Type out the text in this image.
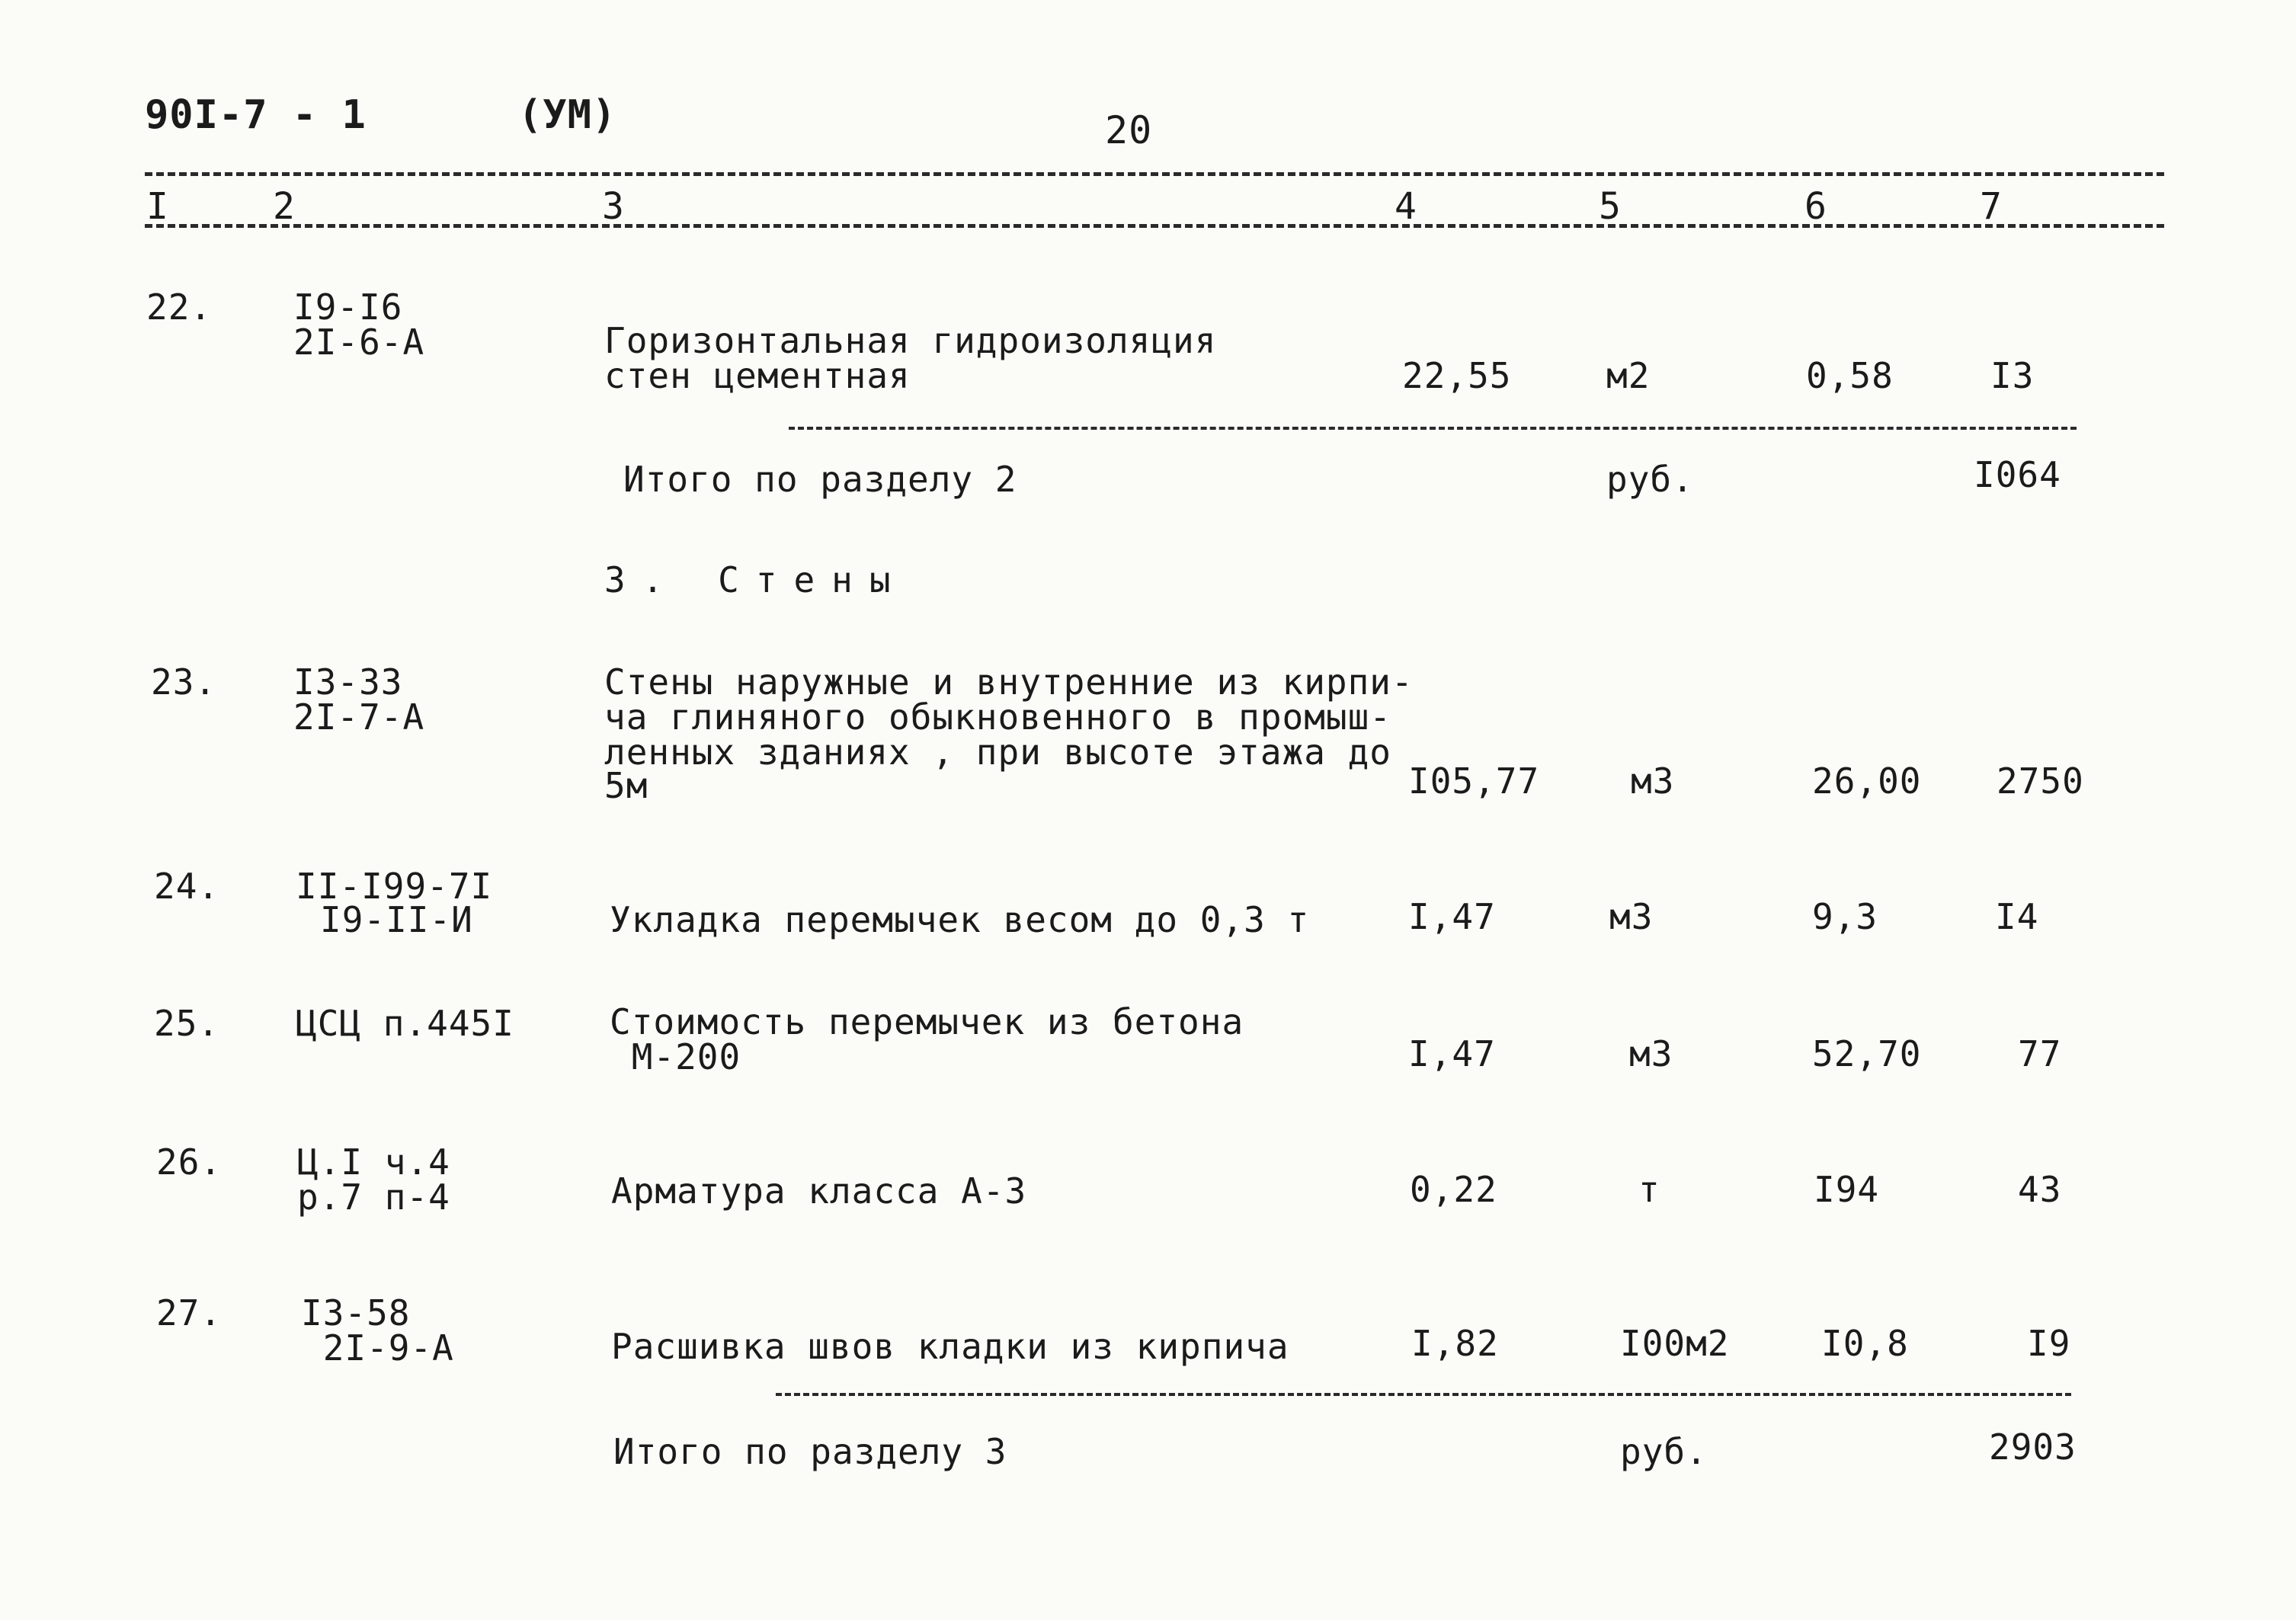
90I-7 - 1	(УМ)	20
I	2	3	4	5	6	7
22. I9-I6
2I-6-А	Горизонтальная гидроизоляция
стен цементная	22,55	м2	0,58	I3
Итого по разделу 2	руб.	I064
3. Стены
23. I3-33
2I-7-А
Стены наружные и внутренние из кирпи-
ча глиняного обыкновенного в промыш-
ленных зданиях , при высоте этажа до
5м	I05,77	м3	26,00 2750
24. II-I99-7I
I9-II-И	Укладка перемычек весом до 0,3 т	I,47	м3	9,3	I4
25. ЦСЦ п.445I	Стоимость перемычек из бетона
М-200	I,47	м3	52,70	77
26. Ц.I ч.4
р.7 п-4	Арматура класса А-3	0,22	т	I94	43
27. I3-58
2I-9-А	Расшивка швов кладки из кирпича	I,82	I00м2	I0,8	I9
Итого по разделу 3	руб.	2903
